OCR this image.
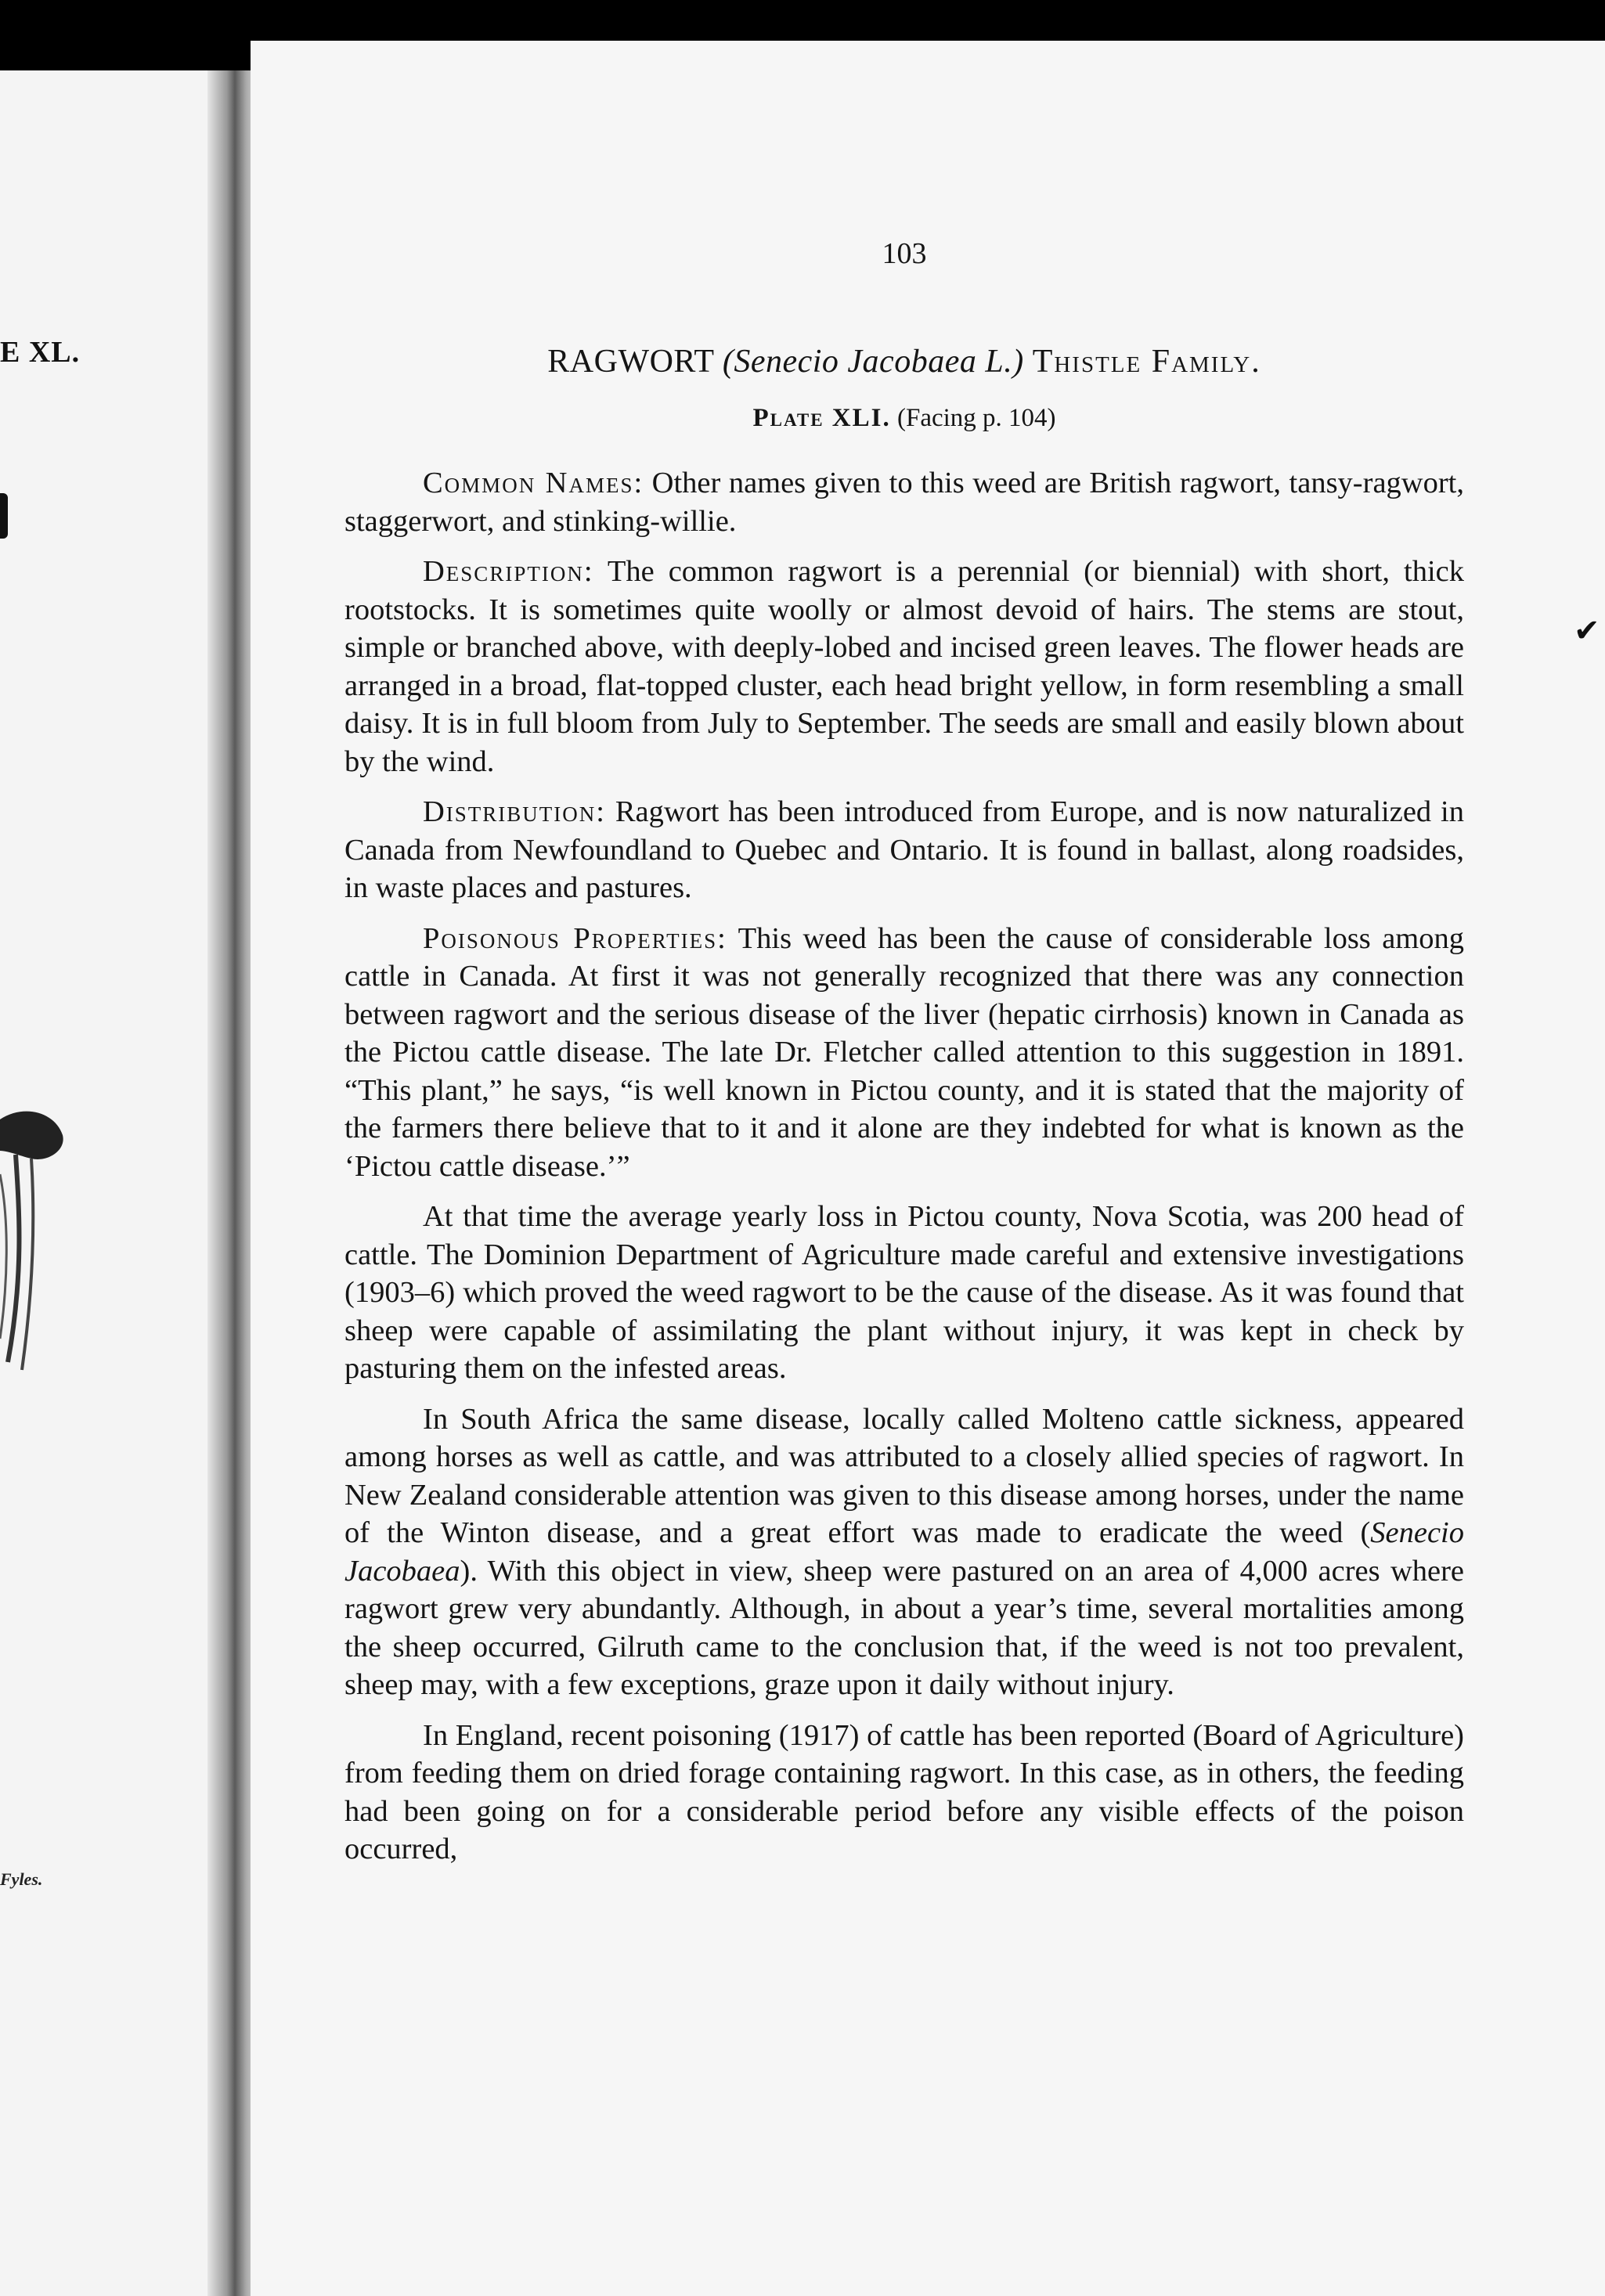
E XL.
Fyles.
✔
103
RAGWORT (Senecio Jacobaea L.) Thistle Family.
Plate XLI. (Facing p. 104)

Common Names: Other names given to this weed are British ragwort, tansy-ragwort, staggerwort, and stinking-willie.

Description: The common ragwort is a perennial (or biennial) with short, thick rootstocks. It is sometimes quite woolly or almost devoid of hairs. The stems are stout, simple or branched above, with deeply-lobed and incised green leaves. The flower heads are arranged in a broad, flat-topped cluster, each head bright yellow, in form resembling a small daisy. It is in full bloom from July to September. The seeds are small and easily blown about by the wind.

Distribution: Ragwort has been introduced from Europe, and is now naturalized in Canada from Newfoundland to Quebec and Ontario. It is found in ballast, along roadsides, in waste places and pastures.

Poisonous Properties: This weed has been the cause of considerable loss among cattle in Canada. At first it was not generally recognized that there was any connection between ragwort and the serious disease of the liver (hepatic cirrhosis) known in Canada as the Pictou cattle disease. The late Dr. Fletcher called attention to this suggestion in 1891. “This plant,” he says, “is well known in Pictou county, and it is stated that the majority of the farmers there believe that to it and it alone are they indebted for what is known as the ‘Pictou cattle disease.’”

At that time the average yearly loss in Pictou county, Nova Scotia, was 200 head of cattle. The Dominion Department of Agriculture made careful and extensive investigations (1903–6) which proved the weed ragwort to be the cause of the disease. As it was found that sheep were capable of assimilating the plant without injury, it was kept in check by pasturing them on the infested areas.

In South Africa the same disease, locally called Molteno cattle sickness, appeared among horses as well as cattle, and was attributed to a closely allied species of ragwort. In New Zealand considerable attention was given to this disease among horses, under the name of the Winton disease, and a great effort was made to eradicate the weed (Senecio Jacobaea). With this object in view, sheep were pastured on an area of 4,000 acres where ragwort grew very abundantly. Although, in about a year’s time, several mortalities among the sheep occurred, Gilruth came to the conclusion that, if the weed is not too prevalent, sheep may, with a few exceptions, graze upon it daily without injury.

In England, recent poisoning (1917) of cattle has been reported (Board of Agriculture) from feeding them on dried forage containing ragwort. In this case, as in others, the feeding had been going on for a considerable period before any visible effects of the poison occurred,
